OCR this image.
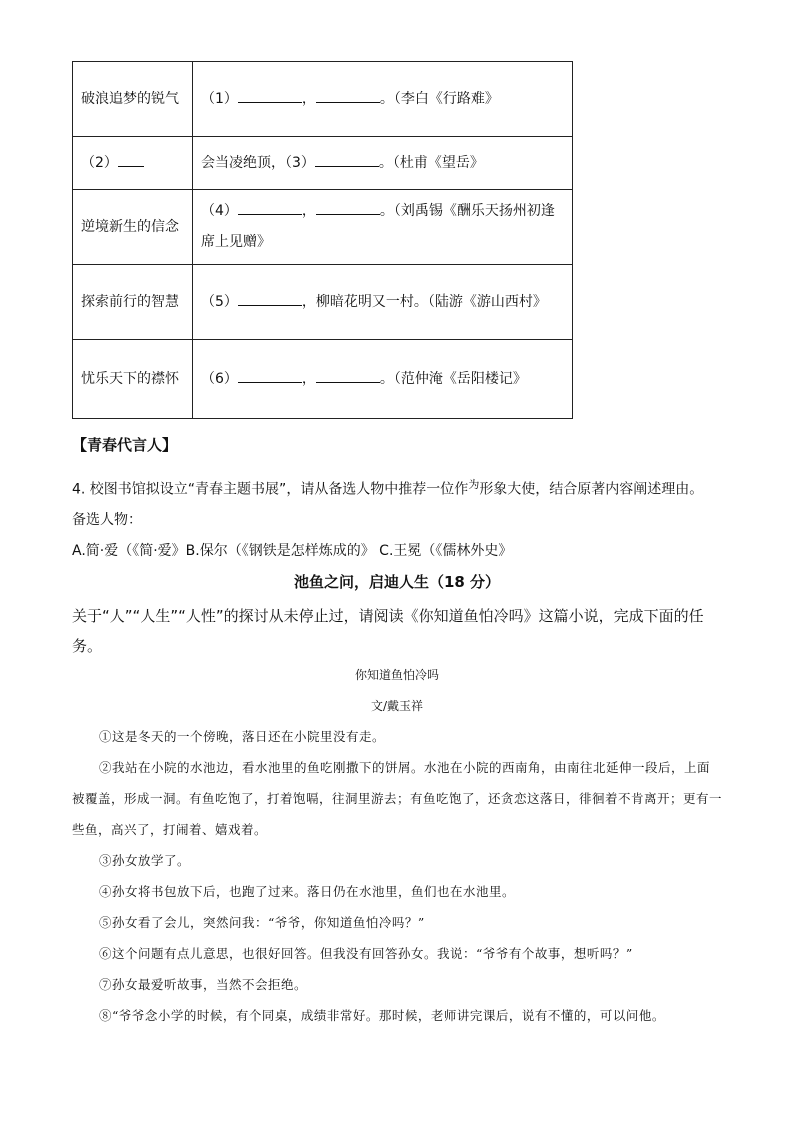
破浪追梦的锐气	（1） ， 。（李白《行路难》
（2）	会当凌绝顶，（3） 。（杜甫《望岳》
逆境新生的信念	（4） ， 。（刘禹锡《酬乐天扬州初逢席上见赠》
探索前行的智慧	（5） ，柳暗花明又一村。（陆游《游山西村》
忧乐天下的襟怀	（6） ， 。（范仲淹《岳阳楼记》
【青春代言人】
4. 校图书馆拟设立“青春主题书展”，请从备选人物中推荐一位作$^为$形象大使，结合原著内容阐述理由。
备选人物：
A.简·爱（《简·爱》B.保尔（《钢铁是怎样炼成的》 C.王冕（《儒林外史》
池鱼之问，启迪人生（18 分）
关于“人”“人生”“人性”的探讨从未停止过，请阅读《你知道鱼怕冷吗》这篇小说，完成下面的任务。
你知道鱼怕冷吗
文/戴玉祥
①这是冬天的一个傍晚，落日还在小院里没有走。
②我站在小院的水池边，看水池里的鱼吃刚撒下的饼屑。水池在小院的西南角，由南往北延伸一段后，上面被覆盖，形成一洞。有鱼吃饱了，打着饱嗝，往洞里游去；有鱼吃饱了，还贪恋这落日，徘徊着不肯离开；更有一些鱼，高兴了，打闹着、嬉戏着。
③孙女放学了。
④孙女将书包放下后，也跑了过来。落日仍在水池里，鱼们也在水池里。
⑤孙女看了会儿，突然问我：“爷爷，你知道鱼怕冷吗？”
⑥这个问题有点儿意思，也很好回答。但我没有回答孙女。我说：“爷爷有个故事，想听吗？”
⑦孙女最爱听故事，当然不会拒绝。
⑧“爷爷念小学的时候，有个同桌，成绩非常好。那时候，老师讲完课后，说有不懂的，可以问他。
